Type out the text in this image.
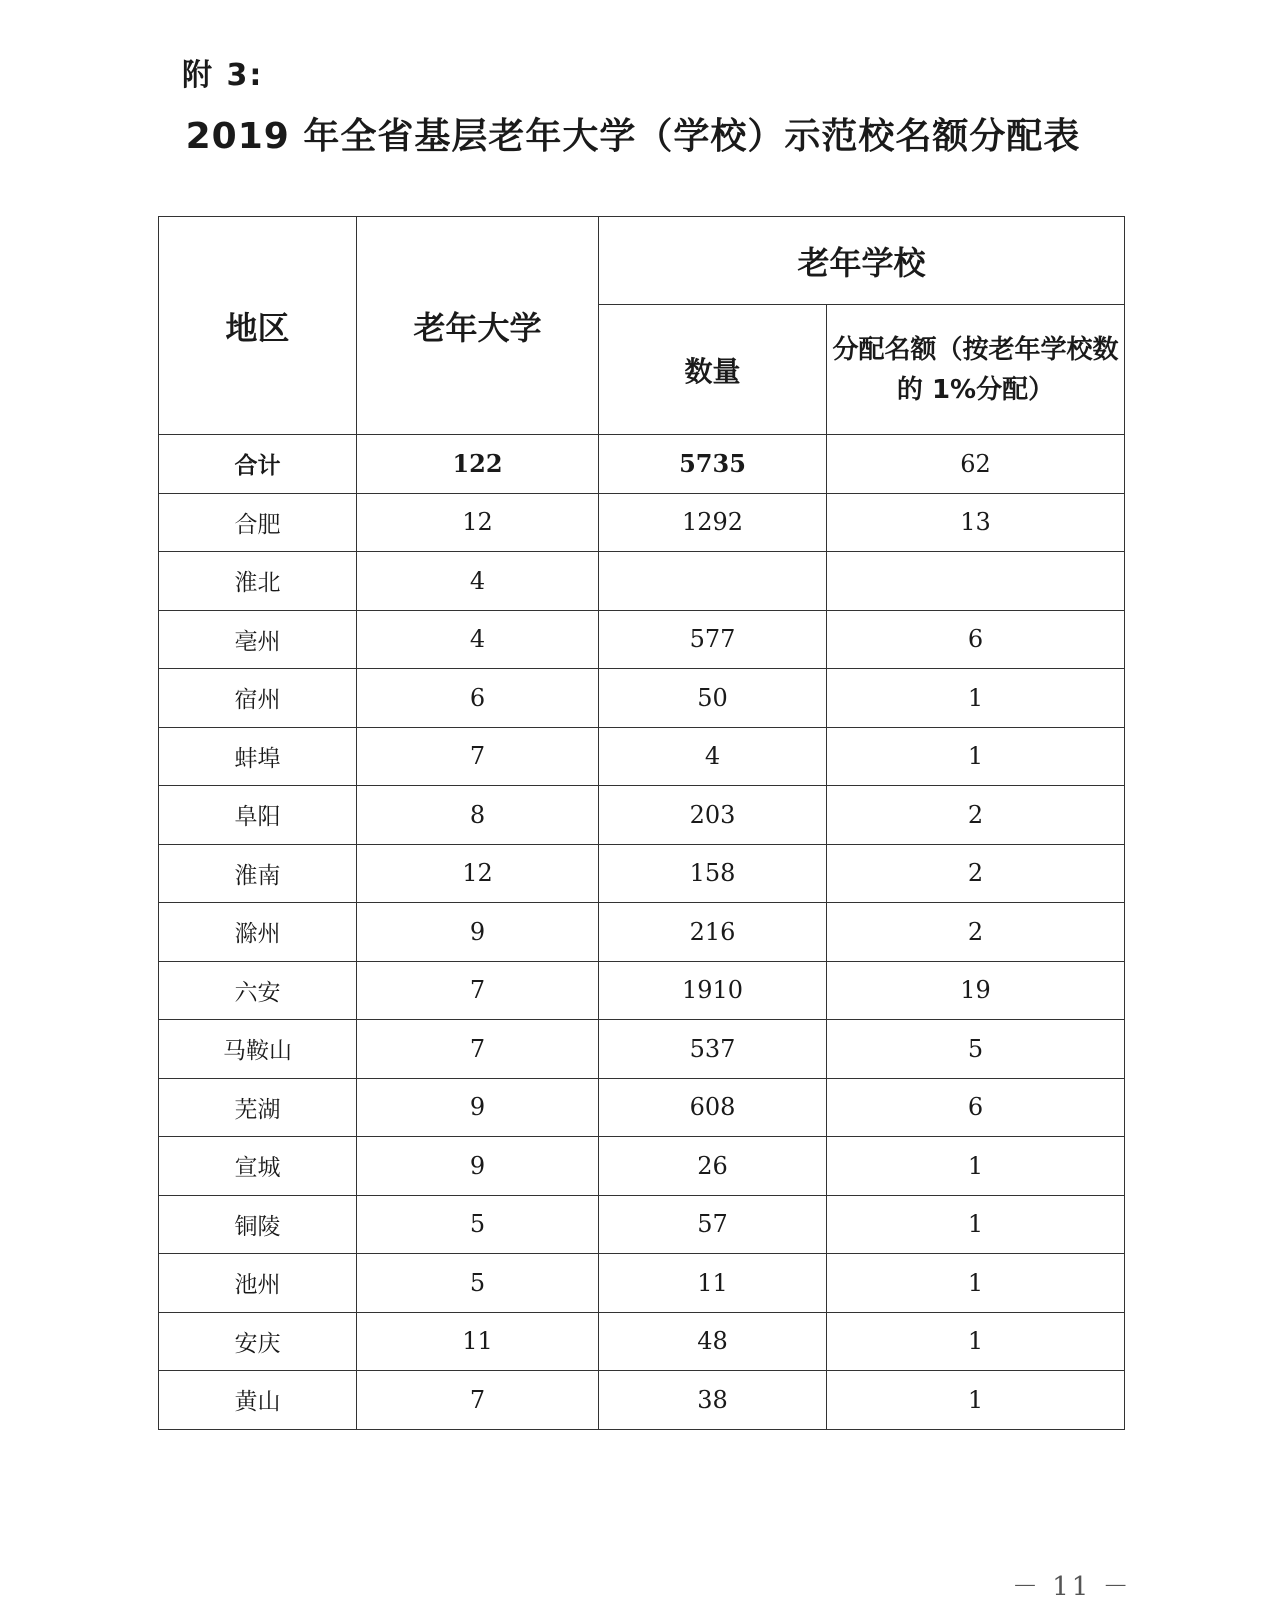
附 3:
2019 年全省基层老年大学（学校）示范校名额分配表
地区	老年大学	老年学校	
		数量	分配名额（按老年学校数的 1%分配）
合计	122	5735	62
合肥	12	1292	13
淮北	4		
亳州	4	577	6
宿州	6	50	1
蚌埠	7	4	1
阜阳	8	203	2
淮南	12	158	2
滁州	9	216	2
六安	7	1910	19
马鞍山	7	537	5
芜湖	9	608	6
宣城	9	26	1
铜陵	5	57	1
池州	5	11	1
安庆	11	48	1
黄山	7	38	1
－ 11 －
